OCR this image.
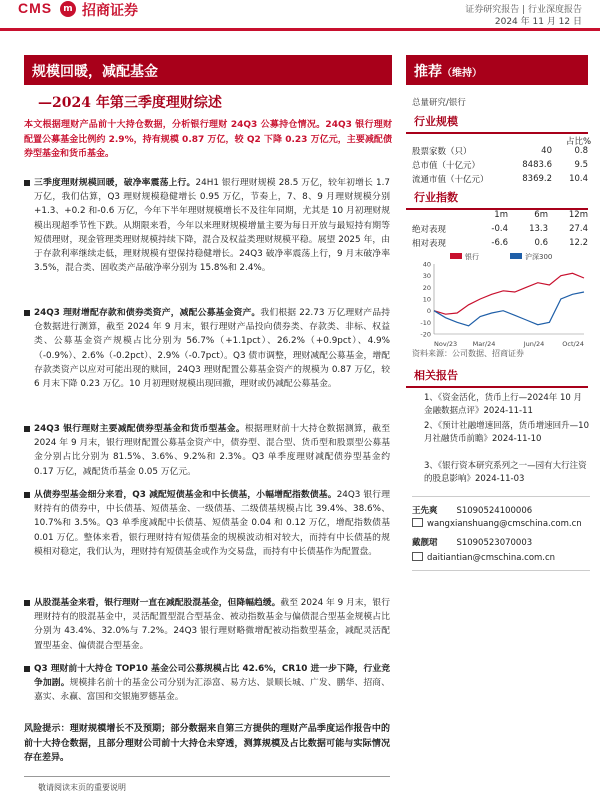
CMS	m 招商证券	证券研究报告 | 行业深度报告
2024 年 11 月 12 日
规模回暖，减配基金
—2024 年第三季度理财综述
本文根据理财产品前十大持仓数据，分析银行理财 24Q3 公募持仓情况。24Q3 银行理财配置公募基金比例约 2.9%，持有规模 0.87 万亿，较 Q2 下降 0.23 万亿元，主要减配债券型基金和货币基金。
三季度理财规模回暖，破净率震荡上行。24H1 银行理财规模 28.5 万亿，较年初增长 1.7 万亿，我们估算，Q3 理财规模稳健增长 0.95 万亿，节奏上，7、8、9 月理财规模分别+1.3、+0.2 和-0.6 万亿，今年下半年理财规模增长不及往年同期，尤其是 10 月初理财规模出现超季节性下跌。从期限来看，今年以来理财规模增量主要为每日开放与最短持有期等短债理财，现金管理类理财规模持续下降，混合及权益类理财规模平稳。展望 2025 年，由于存款利率继续走低，理财规模有望保持稳健增长。24Q3 破净率震荡上行，9 月末破净率 3.5%，混合类、固收类产品破净率分别为 15.8%和 2.4%。
24Q3 理财增配存款和债券类资产，减配公募基金资产。我们根据 22.73 万亿理财产品持仓数据进行测算，截至 2024 年 9 月末，银行理财产品投向债券类、存款类、非标、权益类、公募基金资产规模占比分别为 56.7%（+1.1pct）、26.2%（+0.9pct）、4.9%（-0.9%）、2.6%（-0.2pct）、2.9%（-0.7pct）。Q3 债市调整，理财减配公募基金，增配存款类资产以应对可能出现的赎回，24Q3 理财配置公募基金资产的规模为 0.87 万亿，较 6 月末下降 0.23 万亿。10 月初理财规模出现回撤，理财或仍减配公募基金。
24Q3 银行理财主要减配债券型基金和货币型基金。根据理财前十大持仓数据测算，截至 2024 年 9 月末，银行理财配置公募基金资产中，债券型、混合型、货币型和股票型公募基金分别占比分别为 81.5%、3.6%、9.2%和 2.3%。Q3 单季度理财减配债券型基金约 0.17 万亿，减配货币基金 0.05 万亿元。
从债券型基金细分来看，Q3 减配短债基金和中长债基，小幅增配指数债基。24Q3 银行理财持有的债券中，中长债基、短债基金、一级债基、二级债基规模占比 39.4%、38.6%、10.7%和 3.5%。Q3 单季度减配中长债基、短债基金 0.04 和 0.12 万亿，增配指数债基 0.01 万亿。整体来看，银行理财持有短债基金的规模波动相对较大，而持有中长债基的规模相对稳定，我们认为，理财持有短债基金或作为交易盘，而持有中长债基作为配置盘。
从股混基金来看，银行理财一直在减配股混基金，但降幅趋缓。截至 2024 年 9 月末，银行理财持有的股混基金中，灵活配置型混合型基金、被动指数基金与偏债混合型基金规模占比分别为 43.4%、32.0%与 7.2%。24Q3 银行理财略微增配被动指数型基金，减配灵活配置型基金、偏债混合型基金。
Q3 理财前十大持仓 TOP10 基金公司公募规模占比 42.6%，CR10 进一步下降，行业竞争加剧。规模排名前十的基金公司分别为汇添富、易方达、景顺长城、广发、鹏华、招商、嘉实、永赢、富国和交银施罗德基金。
风险提示：理财规模增长不及预期；部分数据来自第三方提供的理财产品季度运作报告中的前十大持仓数据，且部分理财公司前十大持仓未穿透，测算规模及占比数据可能与实际情况存在差异。
敬请阅读末页的重要说明
推荐（维持）
总量研究/银行
行业规模
占比%
股票家数（只）	40	0.8
总市值（十亿元）	8483.6	9.5
流通市值（十亿元）	8369.2	10.4
行业指数
	1m	6m	12m
绝对表现	-0.4	13.3	27.4
相对表现	-6.6	0.6	12.2
银行	沪深300
40
30
20
10
0
-10
-20
Nov/23 Mar/24	Jun/24	Oct/24
资料来源：公司数据、招商证券
相关报告
1、《资金活化，货币上行—2024年 10 月金融数据点评》2024-11-11
2、《预计社融增速回落，货币增速回升—10 月社融货币前瞻》2024-11-10
3、《银行资本研究系列之一—园有大行注资的股息影响》2024-11-03
王先爽 S1090524100006
wangxianshuang@cmschina.com.cn
戴靓珺 S1090523070003
daitiantian@cmschina.com.cn
